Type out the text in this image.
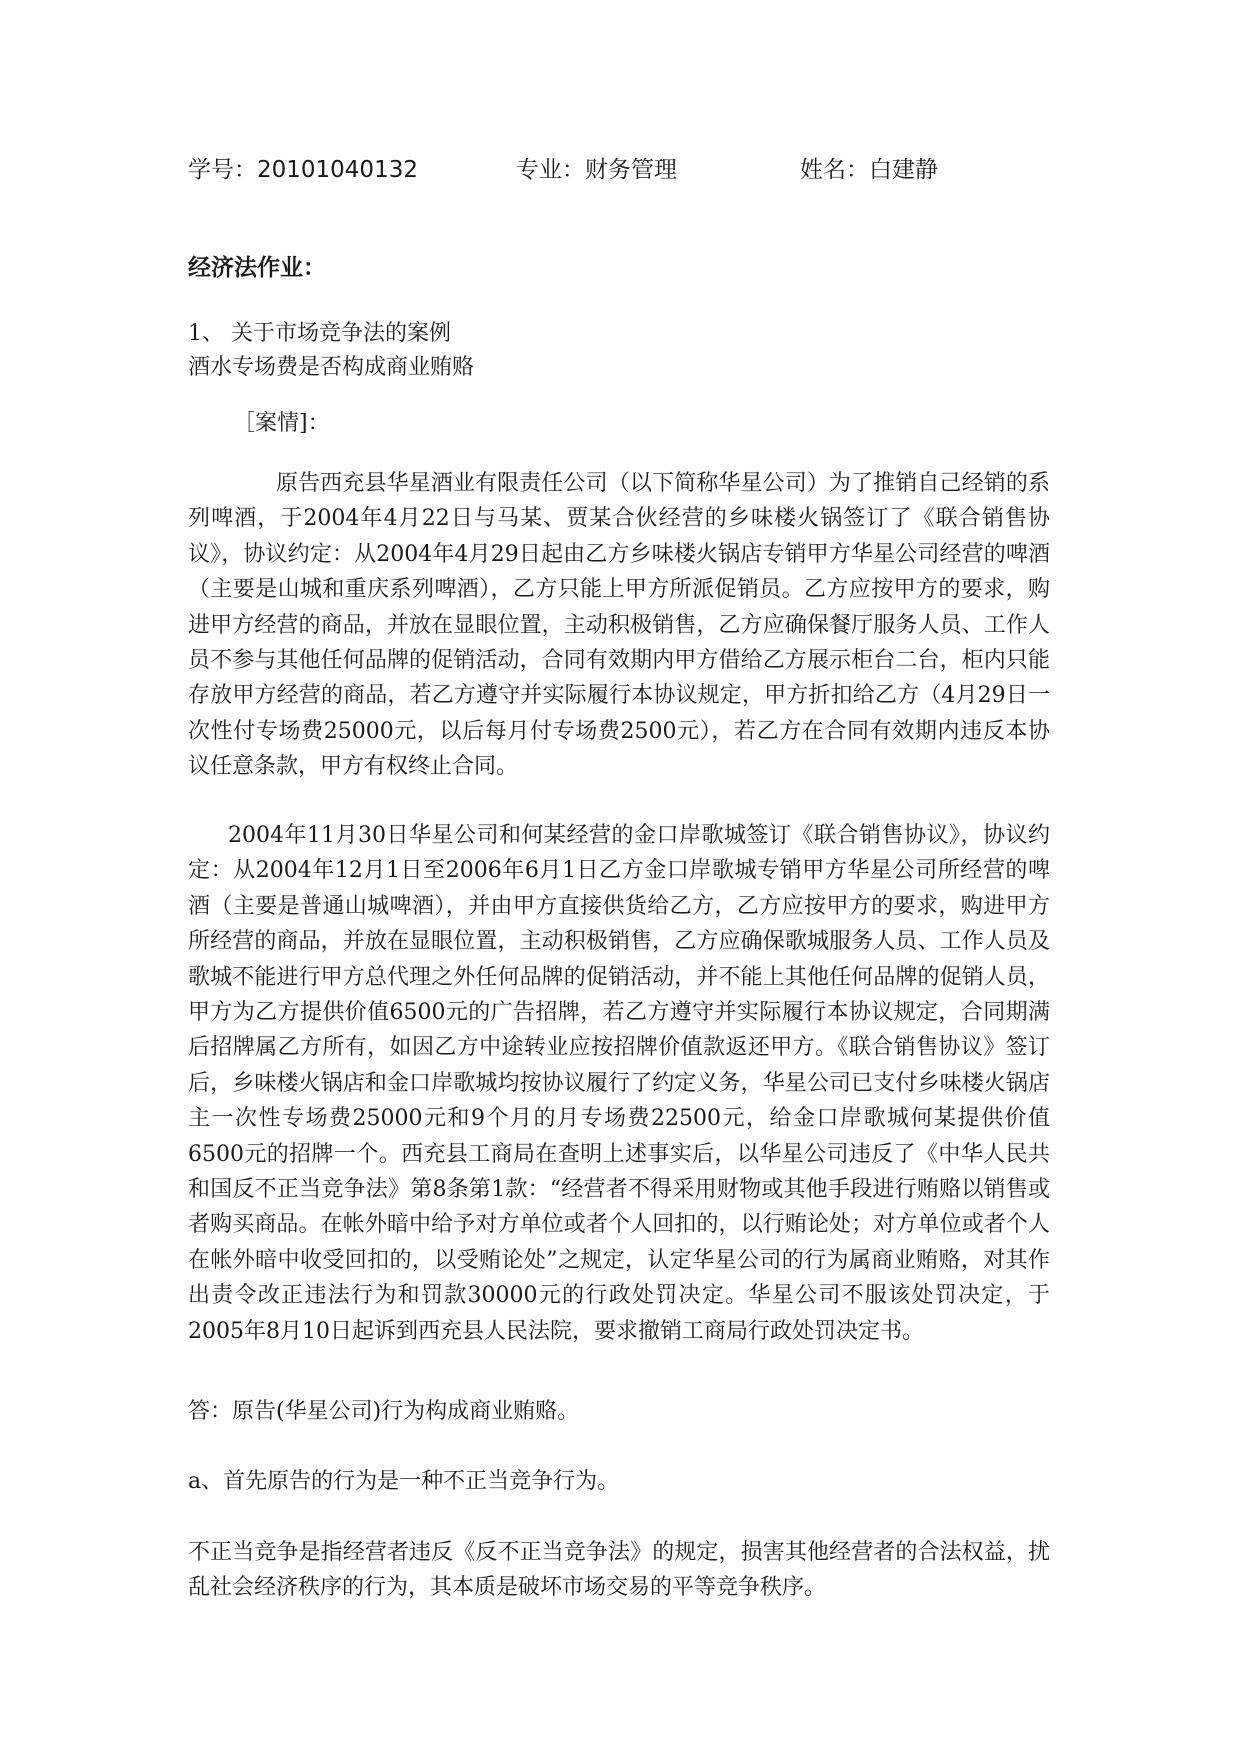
学号：20101040132	专业：财务管理	姓名：白建静
经济法作业：
1、 关于市场竞争法的案例
酒水专场费是否构成商业贿赂
［案情]：
原告西充县华星酒业有限责任公司（以下简称华星公司）为了推销自己经销的系列啤酒，于2004年4月22日与马某、贾某合伙经营的乡味楼火锅签订了《联合销售协议》，协议约定：从2004年4月29日起由乙方乡味楼火锅店专销甲方华星公司经营的啤酒（主要是山城和重庆系列啤酒），乙方只能上甲方所派促销员。乙方应按甲方的要求，购进甲方经营的商品，并放在显眼位置，主动积极销售，乙方应确保餐厅服务人员、工作人员不参与其他任何品牌的促销活动，合同有效期内甲方借给乙方展示柜台二台，柜内只能存放甲方经营的商品，若乙方遵守并实际履行本协议规定，甲方折扣给乙方（4月29日一次性付专场费25000元，以后每月付专场费2500元），若乙方在合同有效期内违反本协议任意条款，甲方有权终止合同。
2004年11月30日华星公司和何某经营的金口岸歌城签订《联合销售协议》，协议约定：从2004年12月1日至2006年6月1日乙方金口岸歌城专销甲方华星公司所经营的啤酒（主要是普通山城啤酒），并由甲方直接供货给乙方，乙方应按甲方的要求，购进甲方所经营的商品，并放在显眼位置，主动积极销售，乙方应确保歌城服务人员、工作人员及歌城不能进行甲方总代理之外任何品牌的促销活动，并不能上其他任何品牌的促销人员，甲方为乙方提供价值6500元的广告招牌，若乙方遵守并实际履行本协议规定，合同期满后招牌属乙方所有，如因乙方中途转业应按招牌价值款返还甲方。《联合销售协议》签订后，乡味楼火锅店和金口岸歌城均按协议履行了约定义务，华星公司已支付乡味楼火锅店主一次性专场费25000元和9个月的月专场费22500元，给金口岸歌城何某提供价值6500元的招牌一个。西充县工商局在查明上述事实后，以华星公司违反了《中华人民共和国反不正当竞争法》第8条第1款：“经营者不得采用财物或其他手段进行贿赂以销售或者购买商品。在帐外暗中给予对方单位或者个人回扣的，以行贿论处；对方单位或者个人在帐外暗中收受回扣的，以受贿论处”之规定，认定华星公司的行为属商业贿赂，对其作出责令改正违法行为和罚款30000元的行政处罚决定。华星公司不服该处罚决定，于2005年8月10日起诉到西充县人民法院，要求撤销工商局行政处罚决定书。
答：原告(华星公司)行为构成商业贿赂。
a、首先原告的行为是一种不正当竞争行为。
不正当竞争是指经营者违反《反不正当竞争法》的规定，损害其他经营者的合法权益，扰乱社会经济秩序的行为，其本质是破坏市场交易的平等竞争秩序。
